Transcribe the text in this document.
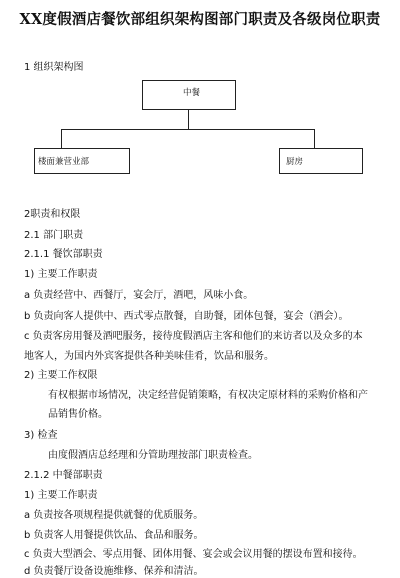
XX度假酒店餐饮部组织架构图部门职责及各级岗位职责
1 组织架构图
中餐
楼面兼营业部	厨房
2职责和权限
2.1 部门职责
2.1.1 餐饮部职责
1) 主要工作职责
a 负责经营中、西餐厅，宴会厅，酒吧，风味小食。
b 负责向客人提供中、西式零点散餐，自助餐，团体包餐，宴会（酒会）。
c 负责客房用餐及酒吧服务，接待度假酒店主客和他们的来访者以及众多的本
地客人，为国内外宾客提供各种美味佳肴，饮品和服务。
2) 主要工作权限
有权根据市场情况，决定经营促销策略，有权决定原材料的采购价格和产
品销售价格。
3) 检查
由度假酒店总经理和分管助理按部门职责检查。
2.1.2 中餐部职责
1) 主要工作职责
a 负责按各项规程提供就餐的优质服务。
b 负责客人用餐提供饮品、食品和服务。
c 负责大型酒会、零点用餐、团体用餐、宴会或会议用餐的摆设布置和接待。
d 负责餐厅设备设施维修、保养和清洁。
